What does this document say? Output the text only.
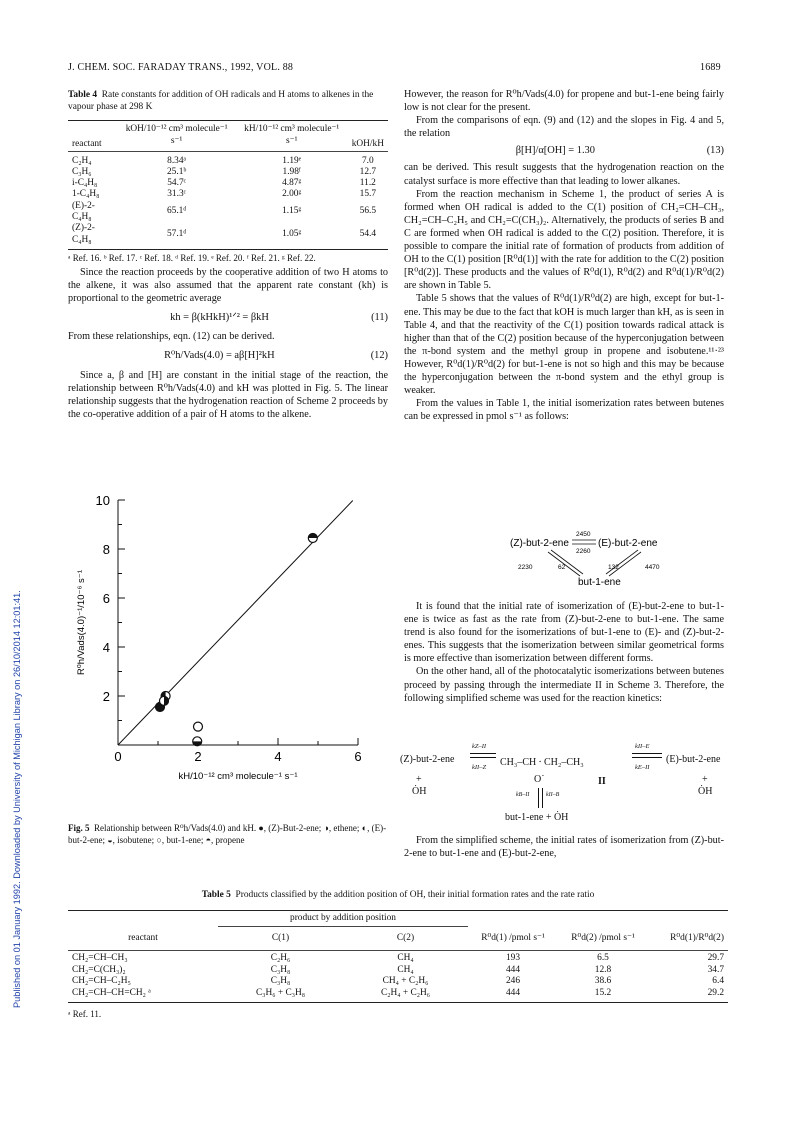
Published on 01 January 1992. Downloaded by University of Michigan Library on 26/10/2014 12:01:41.
J. CHEM. SOC. FARADAY TRANS., 1992, VOL. 88	1689
Table 4 Rate constants for addition of OH radicals and H atoms to alkenes in the vapour phase at 298 K
reactant	kOH/10⁻¹² cm³ molecule⁻¹ s⁻¹	kH/10⁻¹² cm³ molecule⁻¹ s⁻¹	kOH/kH

C₂H₄	8.34ᵃ	1.19ᵉ	7.0
C₃H₆	25.1ᵇ	1.98ᶠ	12.7
i-C₄H₈	54.7ᶜ	4.87ᵍ	11.2
1-C₄H₈	31.3ᶜ	2.00ᵍ	15.7
(E)-2-C₄H₈	65.1ᵈ	1.15ᵍ	56.5
(Z)-2-C₄H₈	57.1ᵈ	1.05ᵍ	54.4
ᵃ Ref. 16. ᵇ Ref. 17. ᶜ Ref. 18. ᵈ Ref. 19. ᵉ Ref. 20. ᶠ Ref. 21. ᵍ Ref. 22.

Since the reaction proceeds by the cooperative addition of two H atoms to the alkene, it was also assumed that the apparent rate constant (kh) is proportional to the geometric average

kh = β(kHkH)¹ᐟ² = βkH	(11)

From these relationships, eqn. (12) can be derived.

R⁰h/Vads(4.0) = aβ[H]²kH	(12)

Since a, β and [H] are constant in the initial stage of the reaction, the relationship between R⁰h/Vads(4.0) and kH was plotted in Fig. 5. The linear relationship suggests that the hydrogenation reaction of Scheme 2 proceeds by the co-operative addition of a pair of H atoms to the alkene.

2
4
6
8
10
0	2	4	6
kH/10⁻¹² cm³ molecule⁻¹ s⁻¹
R⁰h/Vads(4.0)⁻¹/10⁻⁶ s⁻¹
Fig. 5 Relationship between R⁰h/Vads(4.0) and kH. ●, (Z)-But-2-ene; ◑, ethene; ◐, (E)-but-2-ene; ◒, isobutene; ○, but-1-ene; ◓, propene

However, the reason for R⁰h/Vads(4.0) for propene and but-1-ene being fairly low is not clear for the present.

From the comparisons of eqn. (9) and (12) and the slopes in Fig. 4 and 5, the relation

β[H]/α[OH] = 1.30	(13)

can be derived. This result suggests that the hydrogenation reaction on the catalyst surface is more effective than that leading to lower alkanes.

From the reaction mechanism in Scheme 1, the product of series A is formed when OH radical is added to the C(1) position of CH₂=CH–CH₃, CH₂=CH–C₂H₅ and CH₂=C(CH₃)₂. Alternatively, the products of series B and C are formed when OH radical is added to the C(2) position. Therefore, it is possible to compare the initial rate of formation of products from addition of OH to the C(1) position [R⁰d(1)] with the rate for addition to the C(2) position [R⁰d(2)]. These products and the values of R⁰d(1), R⁰d(2) and R⁰d(1)/R⁰d(2) are shown in Table 5.

Table 5 shows that the values of R⁰d(1)/R⁰d(2) are high, except for but-1-ene. This may be due to the fact that kOH is much larger than kH, as is seen in Table 4, and that the reactivity of the C(1) position towards radical attack is higher than that of the C(2) position because of the hyperconjugation between the π-bond system and the methyl group in propene and isobutene.¹¹·²³ However, R⁰d(1)/R⁰d(2) for but-1-ene is not so high and this may be because the hyperconjugation between the π-bond system and the ethyl group is weaker.

From the values in Table 1, the initial isomerization rates between butenes can be expressed in pmol s⁻¹ as follows:

(Z)-but-2-ene	(E)-but-2-ene
but-1-ene
2450
2260
2230	62	132	4470

It is found that the initial rate of isomerization of (E)-but-2-ene to but-1-ene is twice as fast as the rate from (Z)-but-2-ene to but-1-ene. The same trend is also found for the isomerizations of but-1-ene to (E)- and (Z)-but-2-enes. This suggests that the isomerization between similar geometrical forms is more effective than isomerization between different forms.

On the other hand, all of the photocatalytic isomerizations between butenes proceed by passing through the intermediate II in Scheme 3. Therefore, the following simplified scheme was used for the reaction kinetics:

(Z)-but-2-ene
kZ–II
kII–Z CH₃–CH ⸱ CH₂–CH₃
kII–E
kE–II
(E)-but-2-ene
+
ȮH
O˙	II	+
ȮH
kB–II	kII–B
but-1-ene + ȮH

From the simplified scheme, the initial rates of isomerization from (Z)-but-2-ene to but-1-ene and (E)-but-2-ene,

Table 5 Products classified by the addition position of OH, their initial formation rates and the rate ratio
	product by addition position				
reactant	C(1)	C(2)	R⁰d(1) /pmol s⁻¹	R⁰d(2) /pmol s⁻¹	R⁰d(1)/R⁰d(2)

CH₂=CH–CH₃	C₂H₆	CH₄	193	6.5	29.7
CH₂=C(CH₃)₂	C₃H₈	CH₄	444	12.8	34.7
CH₂=CH–C₂H₅	C₃H₈	CH₄ + C₂H₆	246	38.6	6.4
CH₂=CH–CH=CH₂ ᵃ	C₃H₆ + C₃H₈	C₂H₄ + C₂H₆	444	15.2	29.2
ᵃ Ref. 11.
